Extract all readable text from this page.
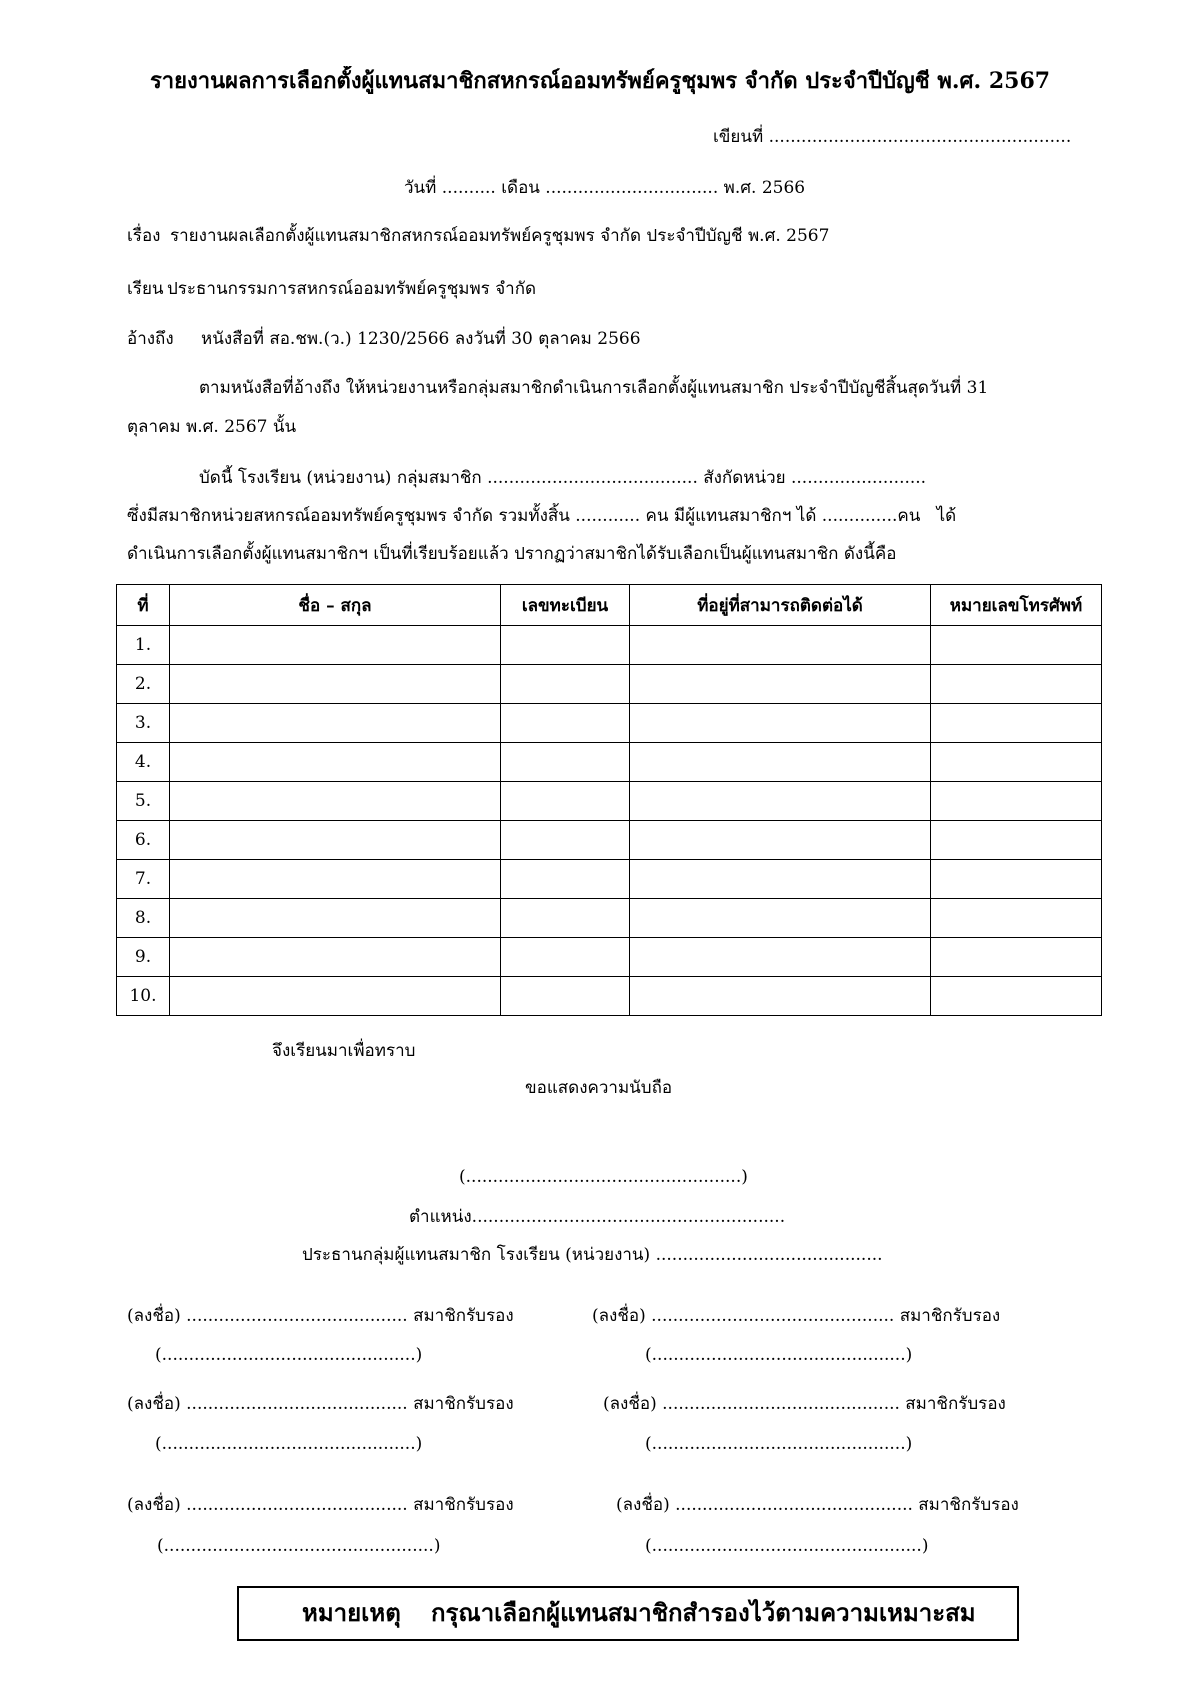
รายงานผลการเลือกตั้งผู้แทนสมาชิกสหกรณ์ออมทรัพย์ครูชุมพร จำกัด ประจำปีบัญชี พ.ศ. 2567
เขียนที่ ........................................................
วันที่ .......... เดือน ................................ พ.ศ. 2566
เรื่อง รายงานผลเลือกตั้งผู้แทนสมาชิกสหกรณ์ออมทรัพย์ครูชุมพร จำกัด ประจำปีบัญชี พ.ศ. 2567
เรียน ประธานกรรมการสหกรณ์ออมทรัพย์ครูชุมพร จำกัด
อ้างถึง	หนังสือที่ สอ.ชพ.(ว.) 1230/2566 ลงวันที่ 30 ตุลาคม 2566
ตามหนังสือที่อ้างถึง ให้หน่วยงานหรือกลุ่มสมาชิกดำเนินการเลือกตั้งผู้แทนสมาชิก ประจำปีบัญชีสิ้นสุดวันที่ 31
ตุลาคม พ.ศ. 2567 นั้น
บัดนี้ โรงเรียน (หน่วยงาน) กลุ่มสมาชิก ....................................... สังกัดหน่วย .........................
ซึ่งมีสมาชิกหน่วยสหกรณ์ออมทรัพย์ครูชุมพร จำกัด รวมทั้งสิ้น ............ คน มีผู้แทนสมาชิกฯ ได้ ..............คน   ได้
ดำเนินการเลือกตั้งผู้แทนสมาชิกฯ เป็นที่เรียบร้อยแล้ว ปรากฏว่าสมาชิกได้รับเลือกเป็นผู้แทนสมาชิก ดังนี้คือ
ที่	ชื่อ – สกุล	เลขทะเบียน	ที่อยู่ที่สามารถติดต่อได้	หมายเลขโทรศัพท์
1.				
2.				
3.				
4.				
5.				
6.				
7.				
8.				
9.				
10.				
จึงเรียนมาเพื่อทราบ
ขอแสดงความนับถือ
(...................................................)
ตำแหน่ง..........................................................
ประธานกลุ่มผู้แทนสมาชิก โรงเรียน (หน่วยงาน) ..........................................
(ลงชื่อ) ......................................... สมาชิกรับรอง
(...............................................)
(ลงชื่อ) ............................................. สมาชิกรับรอง
(...............................................)
(ลงชื่อ) ......................................... สมาชิกรับรอง
(...............................................)
(ลงชื่อ) ............................................ สมาชิกรับรอง
(...............................................)
(ลงชื่อ) ......................................... สมาชิกรับรอง
(..................................................)
(ลงชื่อ) ............................................ สมาชิกรับรอง
(..................................................)
หมายเหตุ กรุณาเลือกผู้แทนสมาชิกสำรองไว้ตามความเหมาะสม
